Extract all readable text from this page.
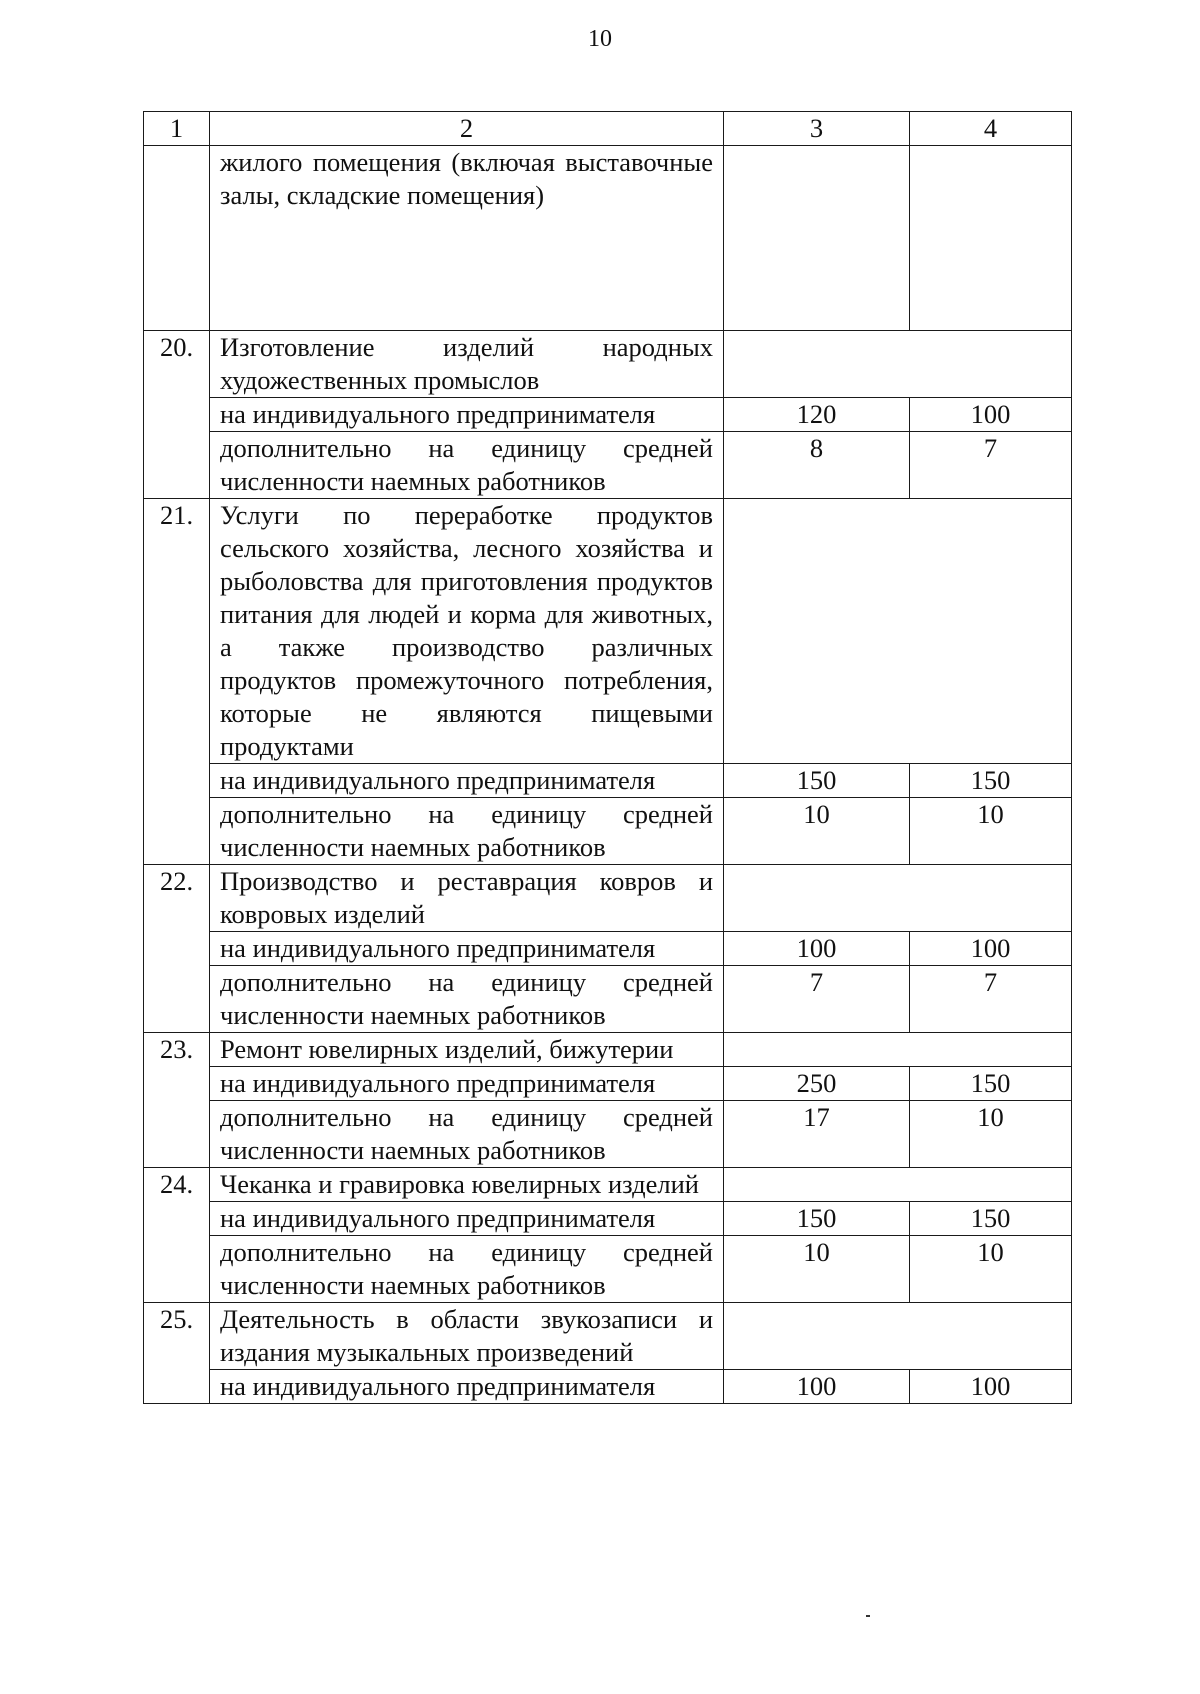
10
1	2	3	4
	жилого помещения (включая выставочные залы, складские помещения)		
20.	Изготовление изделий народных художественных промыслов		
	на индивидуального предпринимателя	120	100
	дополнительно на единицу средней численности наемных работников	8	7
21.	Услуги по переработке продуктов сельского хозяйства, лесного хозяйства и рыболовства для приготовления продуктов питания для людей и корма для животных, а также производство различных продуктов промежуточного потребления, которые не являются пищевыми продуктами		
	на индивидуального предпринимателя	150	150
	дополнительно на единицу средней численности наемных работников	10	10
22.	Производство и реставрация ковров и ковровых изделий		
	на индивидуального предпринимателя	100	100
	дополнительно на единицу средней численности наемных работников	7	7
23.	Ремонт ювелирных изделий, бижутерии		
	на индивидуального предпринимателя	250	150
	дополнительно на единицу средней численности наемных работников	17	10
24.	Чеканка и гравировка ювелирных изделий		
	на индивидуального предпринимателя	150	150
	дополнительно на единицу средней численности наемных работников	10	10
25.	Деятельность в области звукозаписи и издания музыкальных произведений		
	на индивидуального предпринимателя	100	100
